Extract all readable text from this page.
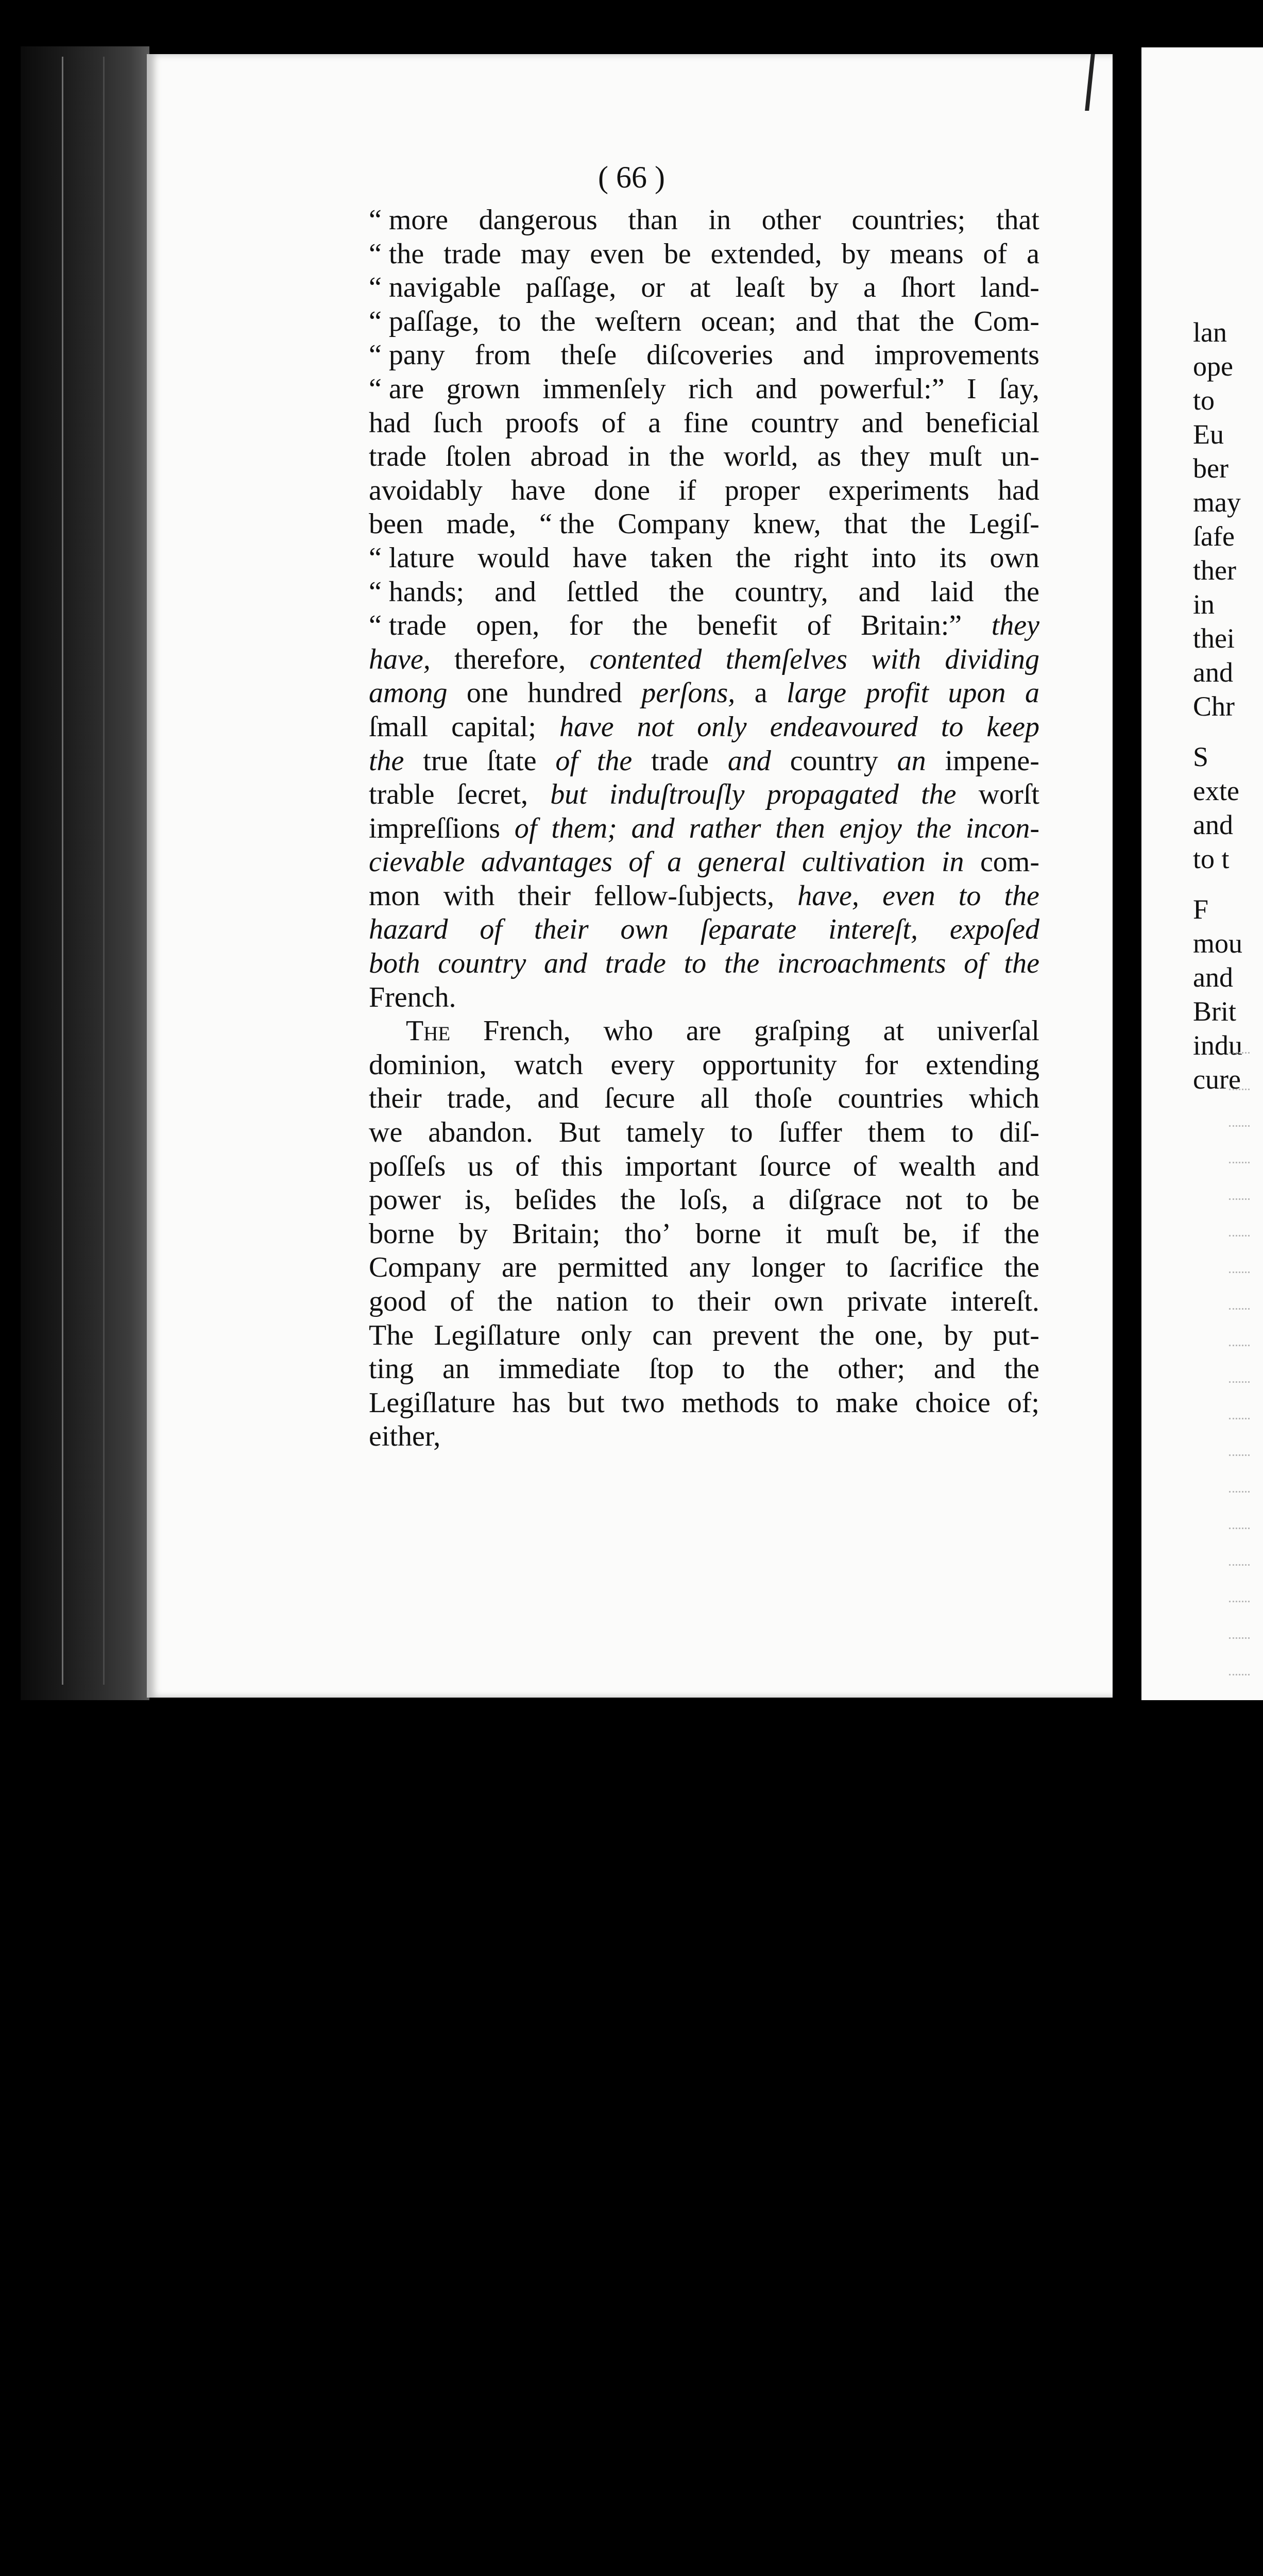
lan
ope
to
Eu
ber
may
ſafe
ther
in
thei
and
Chr
S
exte
and
to t
F
mou
and
Brit
indu
cure
( 66 )
“ more dangerous than in other countries; that
“ the trade may even be extended, by means of a
“ navigable paſſage, or at leaſt by a ſhort land-
“ paſſage, to the weſtern ocean; and that the Com-
“ pany from theſe diſcoveries and improvements
“ are grown immenſely rich and powerful:” I ſay,
had ſuch proofs of a fine country and beneficial
trade ſtolen abroad in the world, as they muſt un-
avoidably have done if proper experiments had
been made, “ the Company knew, that the Legiſ-
“ lature would have taken the right into its own
“ hands; and ſettled the country, and laid the
“ trade open, for the benefit of Britain:” they
have, therefore, contented themſelves with dividing
among one hundred perſons, a large profit upon a
ſmall capital; have not only endeavoured to keep
the true ſtate of the trade and country an impene-
trable ſecret, but induſtrouſly propagated the worſt
impreſſions of them; and rather then enjoy the incon-
cievable advantages of a general cultivation in com-
mon with their fellow-ſubjects, have, even to the
hazard of their own ſeparate intereſt, expoſed
both country and trade to the incroachments of the
French.
The French, who are graſping at univerſal
dominion, watch every opportunity for extending
their trade, and ſecure all thoſe countries which
we abandon. But tamely to ſuffer them to diſ-
poſſeſs us of this important ſource of wealth and
power is, beſides the loſs, a diſgrace not to be
borne by Britain; tho’ borne it muſt be, if the
Company are permitted any longer to ſacrifice the
good of the nation to their own private intereſt.
The Legiſlature only can prevent the one, by put-
ting an immediate ſtop to the other; and the
Legiſlature has but two methods to make choice of;
either,
